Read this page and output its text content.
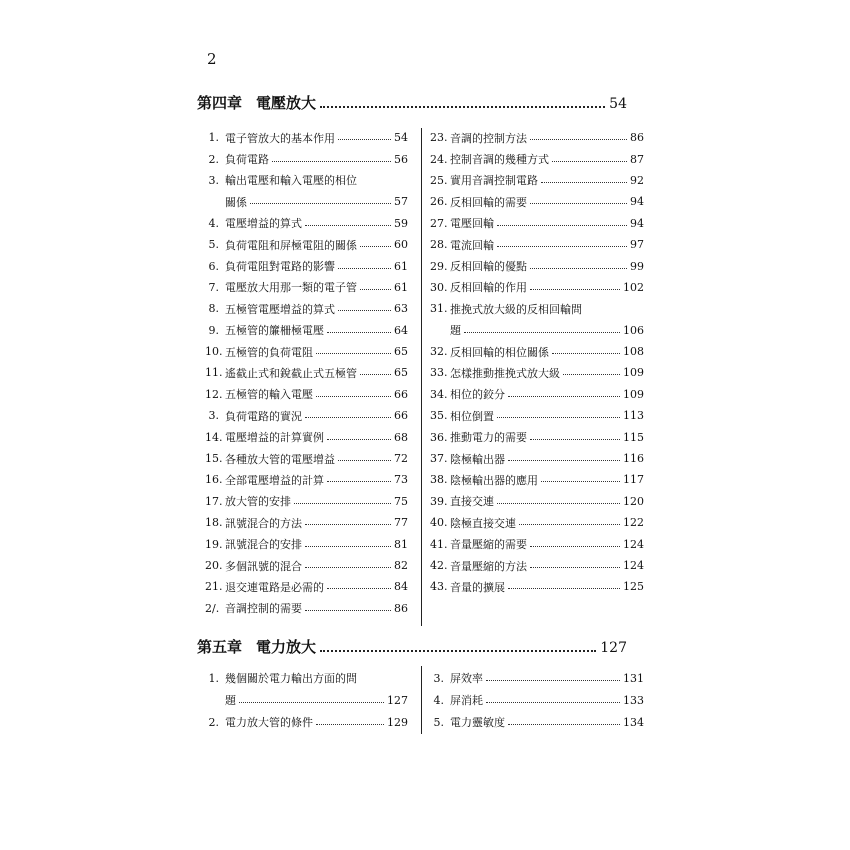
2
第四章 電壓放大	54
1. 電子管放大的基本作用	54
2. 負荷電路	56
3. 輸出電壓和輸入電壓的相位
關係	57
4. 電壓增益的算式	59
5. 負荷電阻和屏極電阻的關係	60
6. 負荷電阻對電路的影響	61
7. 電壓放大用那一類的電子管	61
8. 五極管電壓增益的算式	63
9. 五極管的簾柵極電壓	64
10. 五極管的負荷電阻	65
11. 遙截止式和銳截止式五極管	65
12. 五極管的輸入電壓	66
3. 負荷電路的實況	66
14. 電壓增益的計算實例	68
15. 各種放大管的電壓增益	72
16. 全部電壓增益的計算	73
17. 放大管的安排	75
18. 訊號混合的方法	77
19. 訊號混合的安排	81
20. 多個訊號的混合	82
21. 退交連電路是必需的	84
2/. 音調控制的需要	86
23. 音調的控制方法	86
24. 控制音調的幾種方式	87
25. 實用音調控制電路	92
26. 反相回輸的需要	94
27. 電壓回輸	94
28. 電流回輸	97
29. 反相回輸的優點	99
30. 反相回輸的作用	102
31. 推挽式放大級的反相回輸問
題	106
32. 反相回輸的相位關係	108
33. 怎樣推動推挽式放大級	109
34. 相位的鉸分	109
35. 相位倒置	113
36. 推動電力的需要	115
37. 陰極輸出器	116
38. 陰極輸出器的應用	117
39. 直接交連	120
40. 陰極直接交連	122
41. 音量壓縮的需要	124
42. 音量壓縮的方法	124
43. 音量的擴展	125
第五章 電力放大	127
1. 幾個關於電力輸出方面的問
題	127
2. 電力放大管的條件	129
3. 屏效率	131
4. 屏消耗	133
5. 電力靈敏度	134
